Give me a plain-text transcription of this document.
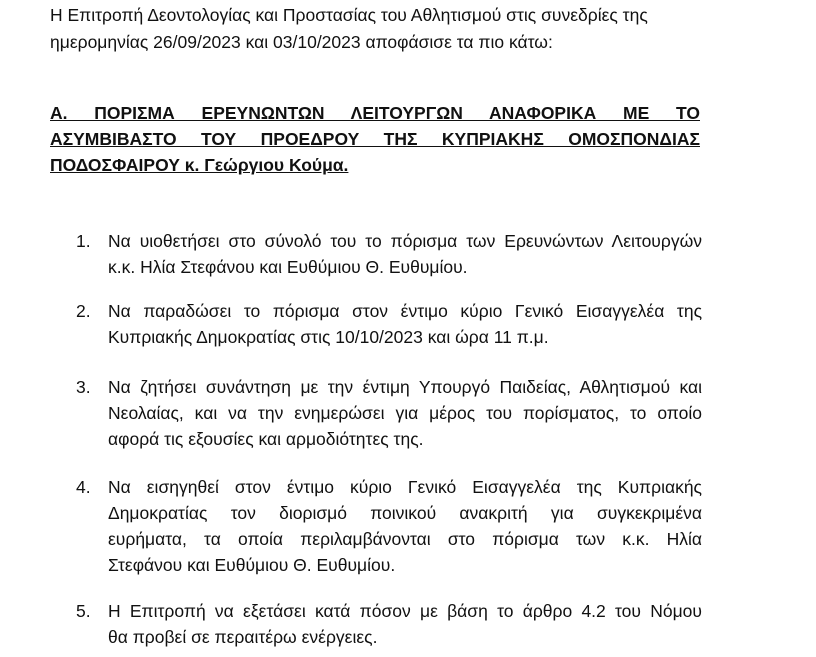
Η Επιτροπή Δεοντολογίας και Προστασίας του Αθλητισμού στις συνεδρίες της
ημερομηνίας 26/09/2023 και 03/10/2023 αποφάσισε τα πιο κάτω:
Α. ΠΟΡΙΣΜΑ ΕΡΕΥΝΩΝΤΩΝ ΛΕΙΤΟΥΡΓΩΝ ΑΝΑΦΟΡΙΚΑ ΜΕ ΤΟ
ΑΣΥΜΒΙΒΑΣΤΟ ΤΟΥ ΠΡΟΕΔΡΟΥ ΤΗΣ ΚΥΠΡΙΑΚΗΣ ΟΜΟΣΠΟΝΔΙΑΣ
ΠΟΔΟΣΦΑΙΡΟΥ κ. Γεώργιου Κούμα.
1. Να υιοθετήσει στο σύνολό του το πόρισμα των Ερευνώντων Λειτουργών
κ.κ. Ηλία Στεφάνου και Ευθύμιου Θ. Ευθυμίου.
2. Να παραδώσει το πόρισμα στον έντιμο κύριο Γενικό Εισαγγελέα της
Κυπριακής Δημοκρατίας στις 10/10/2023 και ώρα 11 π.μ.
3. Να ζητήσει συνάντηση με την έντιμη Υπουργό Παιδείας, Αθλητισμού και
Νεολαίας, και να την ενημερώσει για μέρος του πορίσματος, το οποίο
αφορά τις εξουσίες και αρμοδιότητες της.
4. Να εισηγηθεί στον έντιμο κύριο Γενικό Εισαγγελέα της Κυπριακής
Δημοκρατίας τον διορισμό ποινικού ανακριτή για συγκεκριμένα
ευρήματα, τα οποία περιλαμβάνονται στο πόρισμα των κ.κ. Ηλία
Στεφάνου και Ευθύμιου Θ. Ευθυμίου.
5. Η Επιτροπή να εξετάσει κατά πόσον με βάση το άρθρο 4.2 του Νόμου
θα προβεί σε περαιτέρω ενέργειες.
